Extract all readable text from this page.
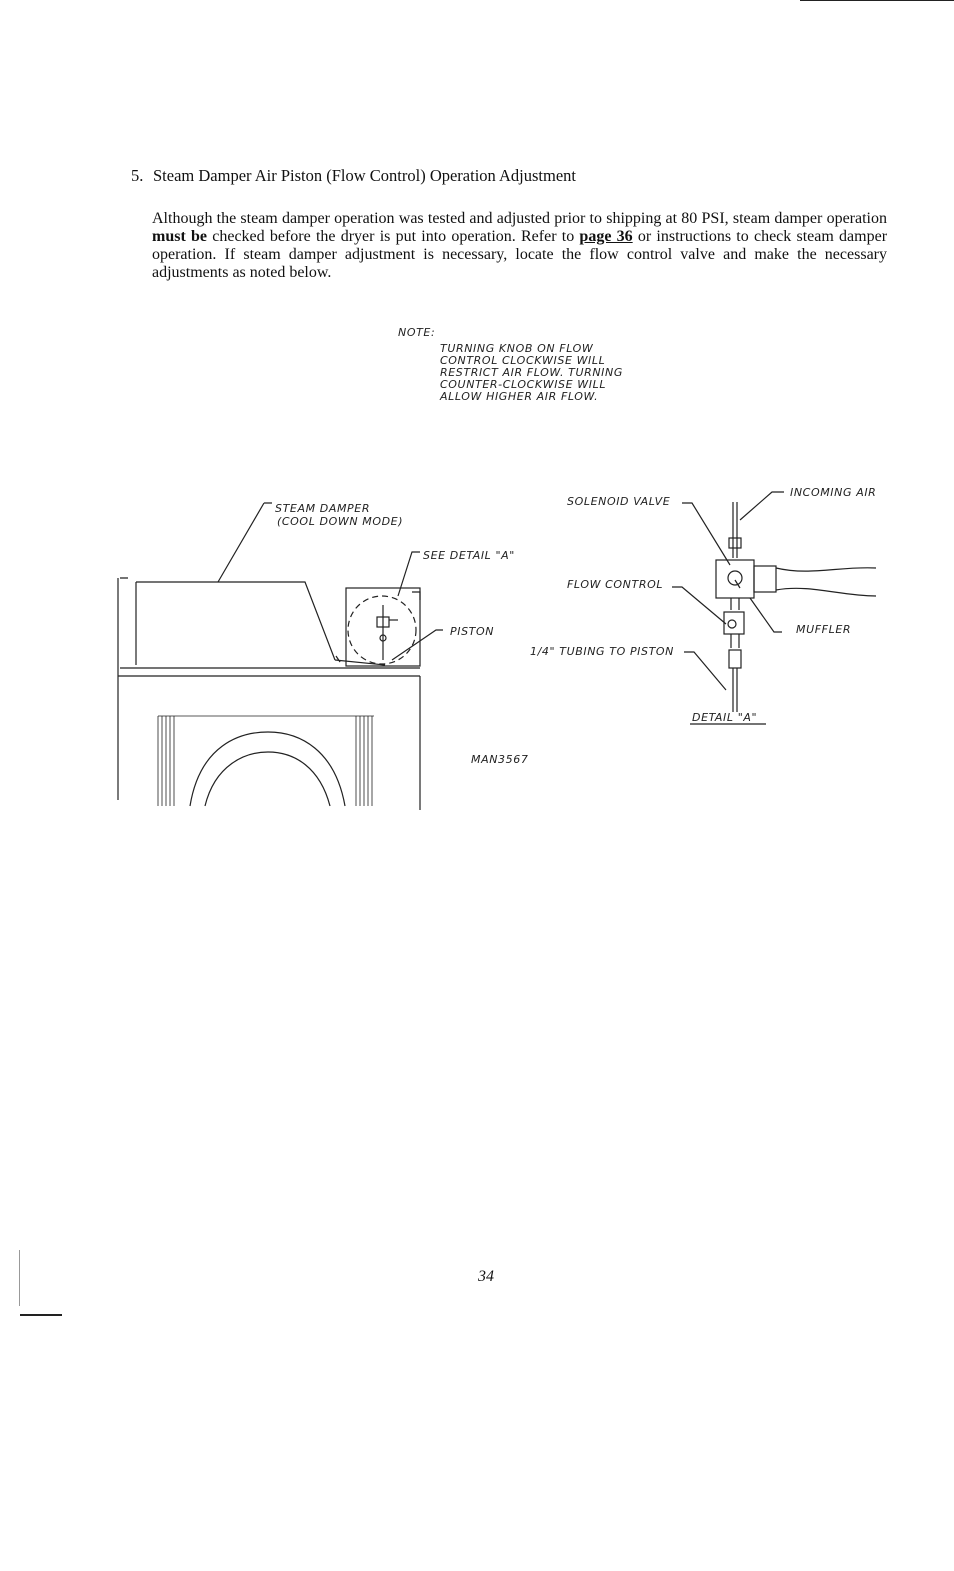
5. Steam Damper Air Piston (Flow Control) Operation Adjustment
Although the steam damper operation was tested and adjusted prior to shipping at 80 PSI, steam damper operation must be checked before the dryer is put into operation. Refer to page 36 or instructions to check steam damper operation. If steam damper adjustment is necessary, locate the flow control valve and make the necessary adjustments as noted below.
NOTE:
TURNING KNOB ON FLOW
CONTROL CLOCKWISE WILL
RESTRICT AIR FLOW. TURNING
COUNTER-CLOCKWISE WILL
ALLOW HIGHER AIR FLOW.
STEAM DAMPER
(COOL DOWN MODE)
SEE DETAIL "A"
PISTON
SOLENOID VALVE
INCOMING AIR
FLOW CONTROL
MUFFLER
1/4" TUBING TO PISTON
DETAIL "A"
MAN3567
34
